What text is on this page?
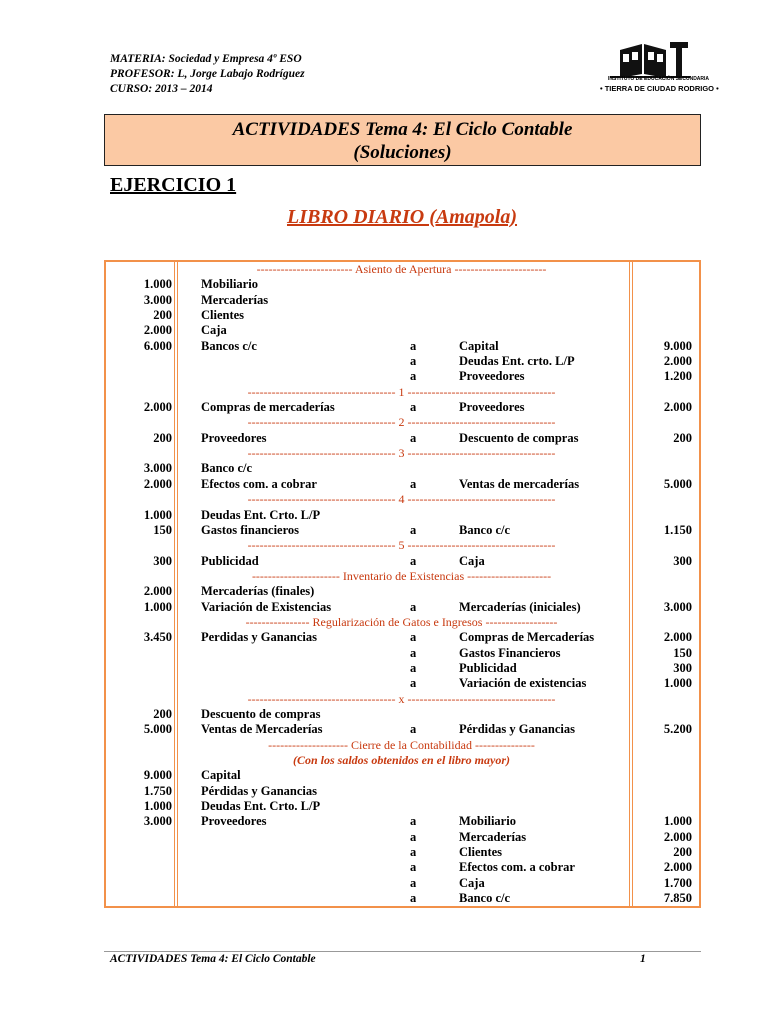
MATERIA: Sociedad y Empresa 4º ESO
PROFESOR: L, Jorge Labajo Rodríguez
CURSO: 2013 – 2014
INSTITUTO DE EDUCACIÓN SECUNDARIA
• TIERRA DE CIUDAD RODRIGO •
ACTIVIDADES Tema 4: El Ciclo Contable
(Soluciones)
EJERCICIO 1
LIBRO DIARIO (Amapola)
------------------------ Asiento de Apertura -----------------------
1.000 Mobiliario
3.000 Mercaderías
200 Clientes
2.000 Caja
6.000 Bancos c/c	a	Capital	9.000
a	Deudas Ent. crto. L/P	2.000
a	Proveedores	1.200
------------------------------------- 1 -------------------------------------
2.000 Compras de mercaderías	a	Proveedores	2.000
------------------------------------- 2 -------------------------------------
200 Proveedores	a	Descuento de compras	200
------------------------------------- 3 -------------------------------------
3.000 Banco c/c
2.000 Efectos com. a cobrar	a	Ventas de mercaderías	5.000
------------------------------------- 4 -------------------------------------
1.000 Deudas Ent. Crto. L/P
150 Gastos financieros	a	Banco c/c	1.150
------------------------------------- 5 -------------------------------------
300 Publicidad	a	Caja	300
---------------------- Inventario de Existencias ---------------------
2.000 Mercaderías (finales)
1.000 Variación de Existencias	a	Mercaderías (iniciales)	3.000
---------------- Regularización de Gatos e Ingresos ------------------
3.450 Perdidas y Ganancias	a	Compras de Mercaderías	2.000
a	Gastos Financieros	150
a	Publicidad	300
a	Variación de existencias	1.000
------------------------------------- x -------------------------------------
200 Descuento de compras
5.000 Ventas de Mercaderías	a	Pérdidas y Ganancias	5.200
-------------------- Cierre de la Contabilidad ---------------
(Con los saldos obtenidos en el libro mayor)
9.000 Capital
1.750 Pérdidas y Ganancias
1.000 Deudas Ent. Crto. L/P
3.000 Proveedores	a	Mobiliario	1.000
a	Mercaderías	2.000
a	Clientes	200
a	Efectos com. a cobrar	2.000
a	Caja	1.700
a	Banco c/c	7.850
ACTIVIDADES Tema 4: El Ciclo Contable	1
